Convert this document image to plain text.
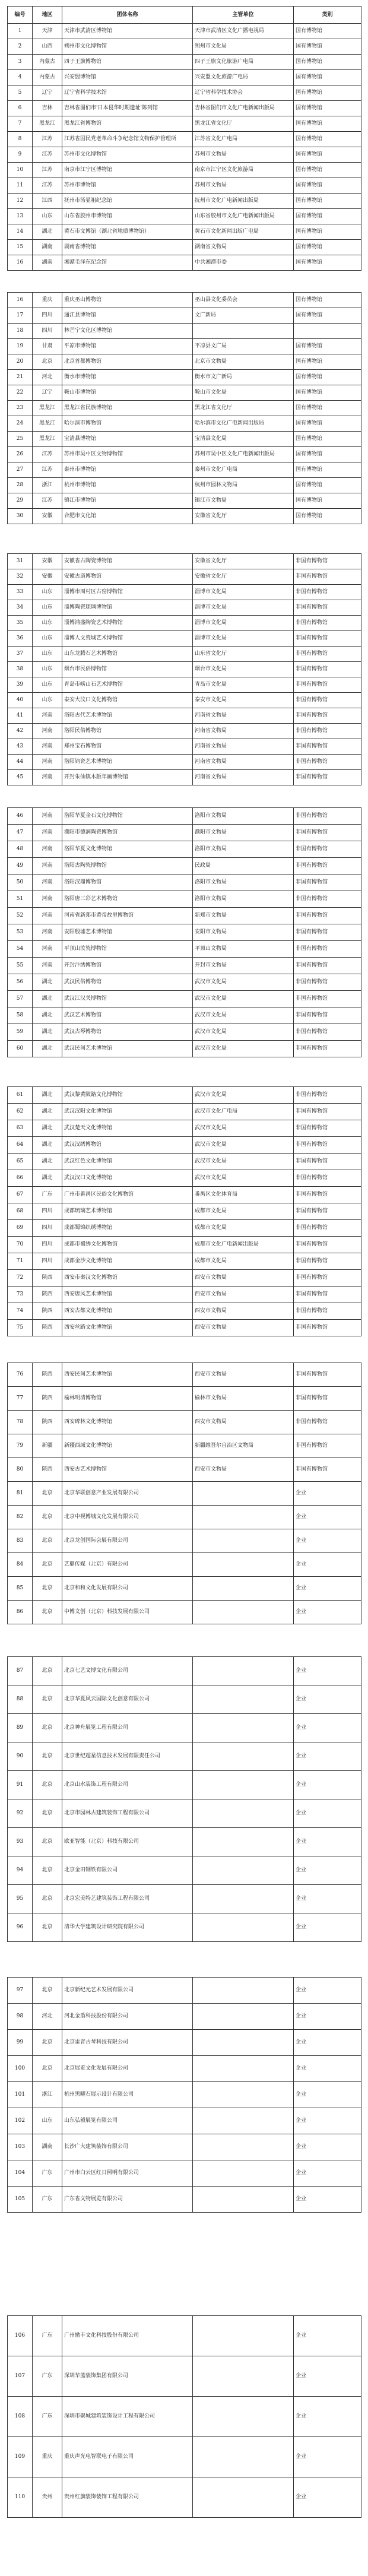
编号	地区	团体名称	主管单位	类别
1	天津	天津市武清区博物馆	天津市武清区文化广播电视局	国有博物馆
2	山西	朔州市文化博物馆	朔州市文化局	国有博物馆
3	内蒙古	四子王旗博物馆	四子王旗文化旅游广电局	国有博物馆
4	内蒙古	兴安盟博物馆	兴安盟文化旅游广电局	国有博物馆
5	辽宁	辽宁省科学技术馆	辽宁省科学技术协会	国有博物馆
6	吉林	吉林省图们市'日本侵华时期遗址'陈列馆	吉林省图们市文化广电新闻出版局	国有博物馆
7	黑龙江	黑龙江省博物馆	黑龙江省文化厅	国有博物馆
8	江苏	江苏省国民党老革命斗争纪念馆文物保护管理所	江苏省文化广电局	国有博物馆
9	江苏	苏州市文化博物馆	苏州市文物局	国有博物馆
10	江苏	南京市江宁区博物馆	南京市江宁区文化旅游局	国有博物馆
11	江苏	苏州市博物馆	苏州市文物局	国有博物馆
12	江西	抚州市汤显祖纪念馆	抚州市文化广电新闻出版局	国有博物馆
13	山东	山东省胶州市博物馆	山东省胶州市文化广电新闻出版局	国有博物馆
14	湖北	黄石市文博馆（湖北省地质博物馆）	黄石市文化新闻出版广电局	国有博物馆
15	湖南	湖南省博物馆	湖南省文物局	国有博物馆
16	湖南	湘潭毛泽东纪念馆	中共湘潭市委	国有博物馆
16	重庆	重庆巫山博物馆	巫山县文化委员会	国有博物馆
17	四川	通江县博物馆	文广新局	国有博物馆
18	四川	林芒宁文化区博物馆		
19	甘肃	平凉市博物馆	平凉县文广局	国有博物馆
20	北京	北京首都博物馆	北京市文物局	国有博物馆
21	河北	衡水市博物馆	衡水市文广新局	国有博物馆
22	辽宁	鞍山市博物馆	鞍山市文化局	国有博物馆
23	黑龙江	黑龙江省民族博物馆	黑龙江省文化厅	国有博物馆
24	黑龙江	哈尔滨市博物馆	哈尔滨市文化广电新闻出版局	国有博物馆
25	黑龙江	宝清县博物馆	宝清县文化局	国有博物馆
26	江苏	苏州市吴中区文物博物馆	苏州市吴中区文化广电新闻出版局	国有博物馆
27	江苏	泰州市博物馆	泰州市文化广电局	国有博物馆
28	浙江	杭州市博物馆	杭州市园林文物局	国有博物馆
29	江苏	镇江市博物馆	镇江市文物局	国有博物馆
30	安徽	合肥市文化馆	安徽省文化厅	国有博物馆
31	安徽	安徽省古陶瓷博物馆	安徽省文化厅	非国有博物馆
32	安徽	安徽古道博物馆	安徽省文化厅	非国有博物馆
33	山东	淄博市周村区古窑博物馆	淄博市文化局	非国有博物馆
34	山东	淄博陶瓷琉璃博物馆	淄博市文化局	非国有博物馆
35	山东	淄博鸿盛陶瓷艺术博物馆	淄博市文化局	非国有博物馆
36	山东	淄博人文瓷城艺术博物馆	淄博市文化局	非国有博物馆
37	山东	山东龙腾石艺术博物馆	山东省文化厅	非国有博物馆
38	山东	烟台市民俗博物馆	烟台市文化局	非国有博物馆
39	山东	青岛市崂山石艺术博物馆	青岛市文化局	非国有博物馆
40	山东	泰安大汶口文化博物馆	泰安市文化局	非国有博物馆
41	河南	洛阳古代艺术博物馆	河南省文物局	非国有博物馆
42	河南	洛阳民俗博物馆	河南省文物局	非国有博物馆
43	河南	郑州宝石博物馆	河南省文物局	非国有博物馆
44	河南	洛阳钧瓷艺术博物馆	河南省文物局	非国有博物馆
45	河南	开封朱仙镇木版年画博物馆	河南省文物局	非国有博物馆
46	河南	洛阳华夏金石文化博物馆	洛阳市文物局	非国有博物馆
47	河南	濮阳市德润陶瓷博物馆	濮阳市文物局	非国有博物馆
48	河南	洛阳华夏文化博物馆	洛阳市文物局	非国有博物馆
49	河南	洛阳古陶瓷博物馆	民政局	非国有博物馆
50	河南	洛阳汉鼎博物馆	洛阳市文物局	非国有博物馆
51	河南	洛阳唐三彩艺术博物馆	洛阳市文物局	非国有博物馆
52	河南	河南省新郑市黄帝故里博物馆	新郑市文物局	非国有博物馆
53	河南	安阳殷墟艺术博物馆	安阳市文物局	非国有博物馆
54	河南	平顶山汝瓷博物馆	平顶山文物局	非国有博物馆
55	河南	开封汴绣博物馆	开封市文物局	非国有博物馆
56	湖北	武汉民俗博物馆	武汉市文化局	非国有博物馆
57	湖北	武汉江汉关博物馆	武汉市文化局	非国有博物馆
58	湖北	武汉艺术博物馆	武汉市文化局	非国有博物馆
59	湖北	武汉古琴博物馆	武汉市文化局	非国有博物馆
60	湖北	武汉民间艺术博物馆	武汉市文化局	非国有博物馆
61	湖北	武汉黎黄陂路文化博物馆	武汉市文化局	非国有博物馆
62	湖北	武汉汉阳文化博物馆	武汉市文化广电局	非国有博物馆
63	湖北	武汉楚天文化博物馆	武汉市文化局	非国有博物馆
64	湖北	武汉汉绣博物馆	武汉市文化局	非国有博物馆
65	湖北	武汉红色文化博物馆	武汉市文化局	非国有博物馆
66	湖北	武汉汉口文化博物馆	武汉市文化局	非国有博物馆
67	广东	广州市番禺区民俗文化博物馆	番禺区文化体育局	非国有博物馆
68	四川	成都琉璃艺术博物馆	成都市文化局	非国有博物馆
69	四川	成都蜀锦织绣博物馆	成都市文化局	非国有博物馆
70	四川	成都市蜀绣文化博物馆	成都市文化广电新闻出版局	非国有博物馆
71	四川	成都金沙文化博物馆	成都市文化局	非国有博物馆
72	陕西	西安市秦汉文化博物馆	西安市文物局	非国有博物馆
73	陕西	西安唐风艺术博物馆	西安市文物局	非国有博物馆
74	陕西	西安古都文化博物馆	西安市文物局	非国有博物馆
75	陕西	西安丝路文化博物馆	西安市文物局	非国有博物馆
76	陕西	西安民间艺术博物馆	西安市文物局	非国有博物馆
77	陕西	榆林明清博物馆	榆林市文物局	非国有博物馆
78	陕西	西安碑林文化博物馆	西安市文物局	非国有博物馆
79	新疆	新疆西域文化博物馆	新疆维吾尔自治区文物局	非国有博物馆
80	陕西	西安古艺术博物馆	西安市文物局	非国有博物馆
81	北京	北京华联创意产业发展有限公司		企业
82	北京	北京中视博城文化发展有限公司		企业
83	北京	北京龙创国际会展有限公司		企业
84	北京	艺鼎传媒（北京）有限公司		企业
85	北京	北京和和文化发展有限公司		企业
86	北京	中博文创（北京）科技发展有限公司		企业
87	北京	北京七艺文博文化有限公司		企业
88	北京	北京华夏风云国际文化创意有限公司		企业
89	北京	北京神舟展览工程有限公司		企业
90	北京	北京世纪超星信息技术发展有限责任公司		企业
91	北京	北京山水装饰工程有限公司		企业
92	北京	北京市园林古建筑装饰工程有限公司		企业
93	北京	欧亚智能（北京）科技有限公司		企业
94	北京	北京金田钢铁有限公司		企业
95	北京	北京宏美特艺建筑装饰工程有限公司		企业
96	北京	清华大学建筑设计研究院有限公司		企业
97	北京	北京新纪元艺术发展有限公司		企业
98	河北	河北金盾科技股份有限公司		企业
99	北京	北京雷音古琴科技有限公司		企业
100	北京	北京展览文化发展有限公司		企业
101	浙江	杭州黑曜石展示设计有限公司		企业
102	山东	山东弘毅展览有限公司		企业
103	湖南	长沙广大建筑装饰有限公司		企业
104	广东	广州市白云区红日照明有限公司		企业
105	广东	广东省文物展览有限公司		企业
106	广东	广州励丰文化科技股份有限公司		企业
107	广东	深圳华蓝装饰集团有限公司		企业
108	广东	深圳市聚城建筑装饰设计工程有限公司		企业
109	重庆	重庆声光电智联电子有限公司		企业
110	贵州	贵州红旗装饰装饰工程有限公司		企业
